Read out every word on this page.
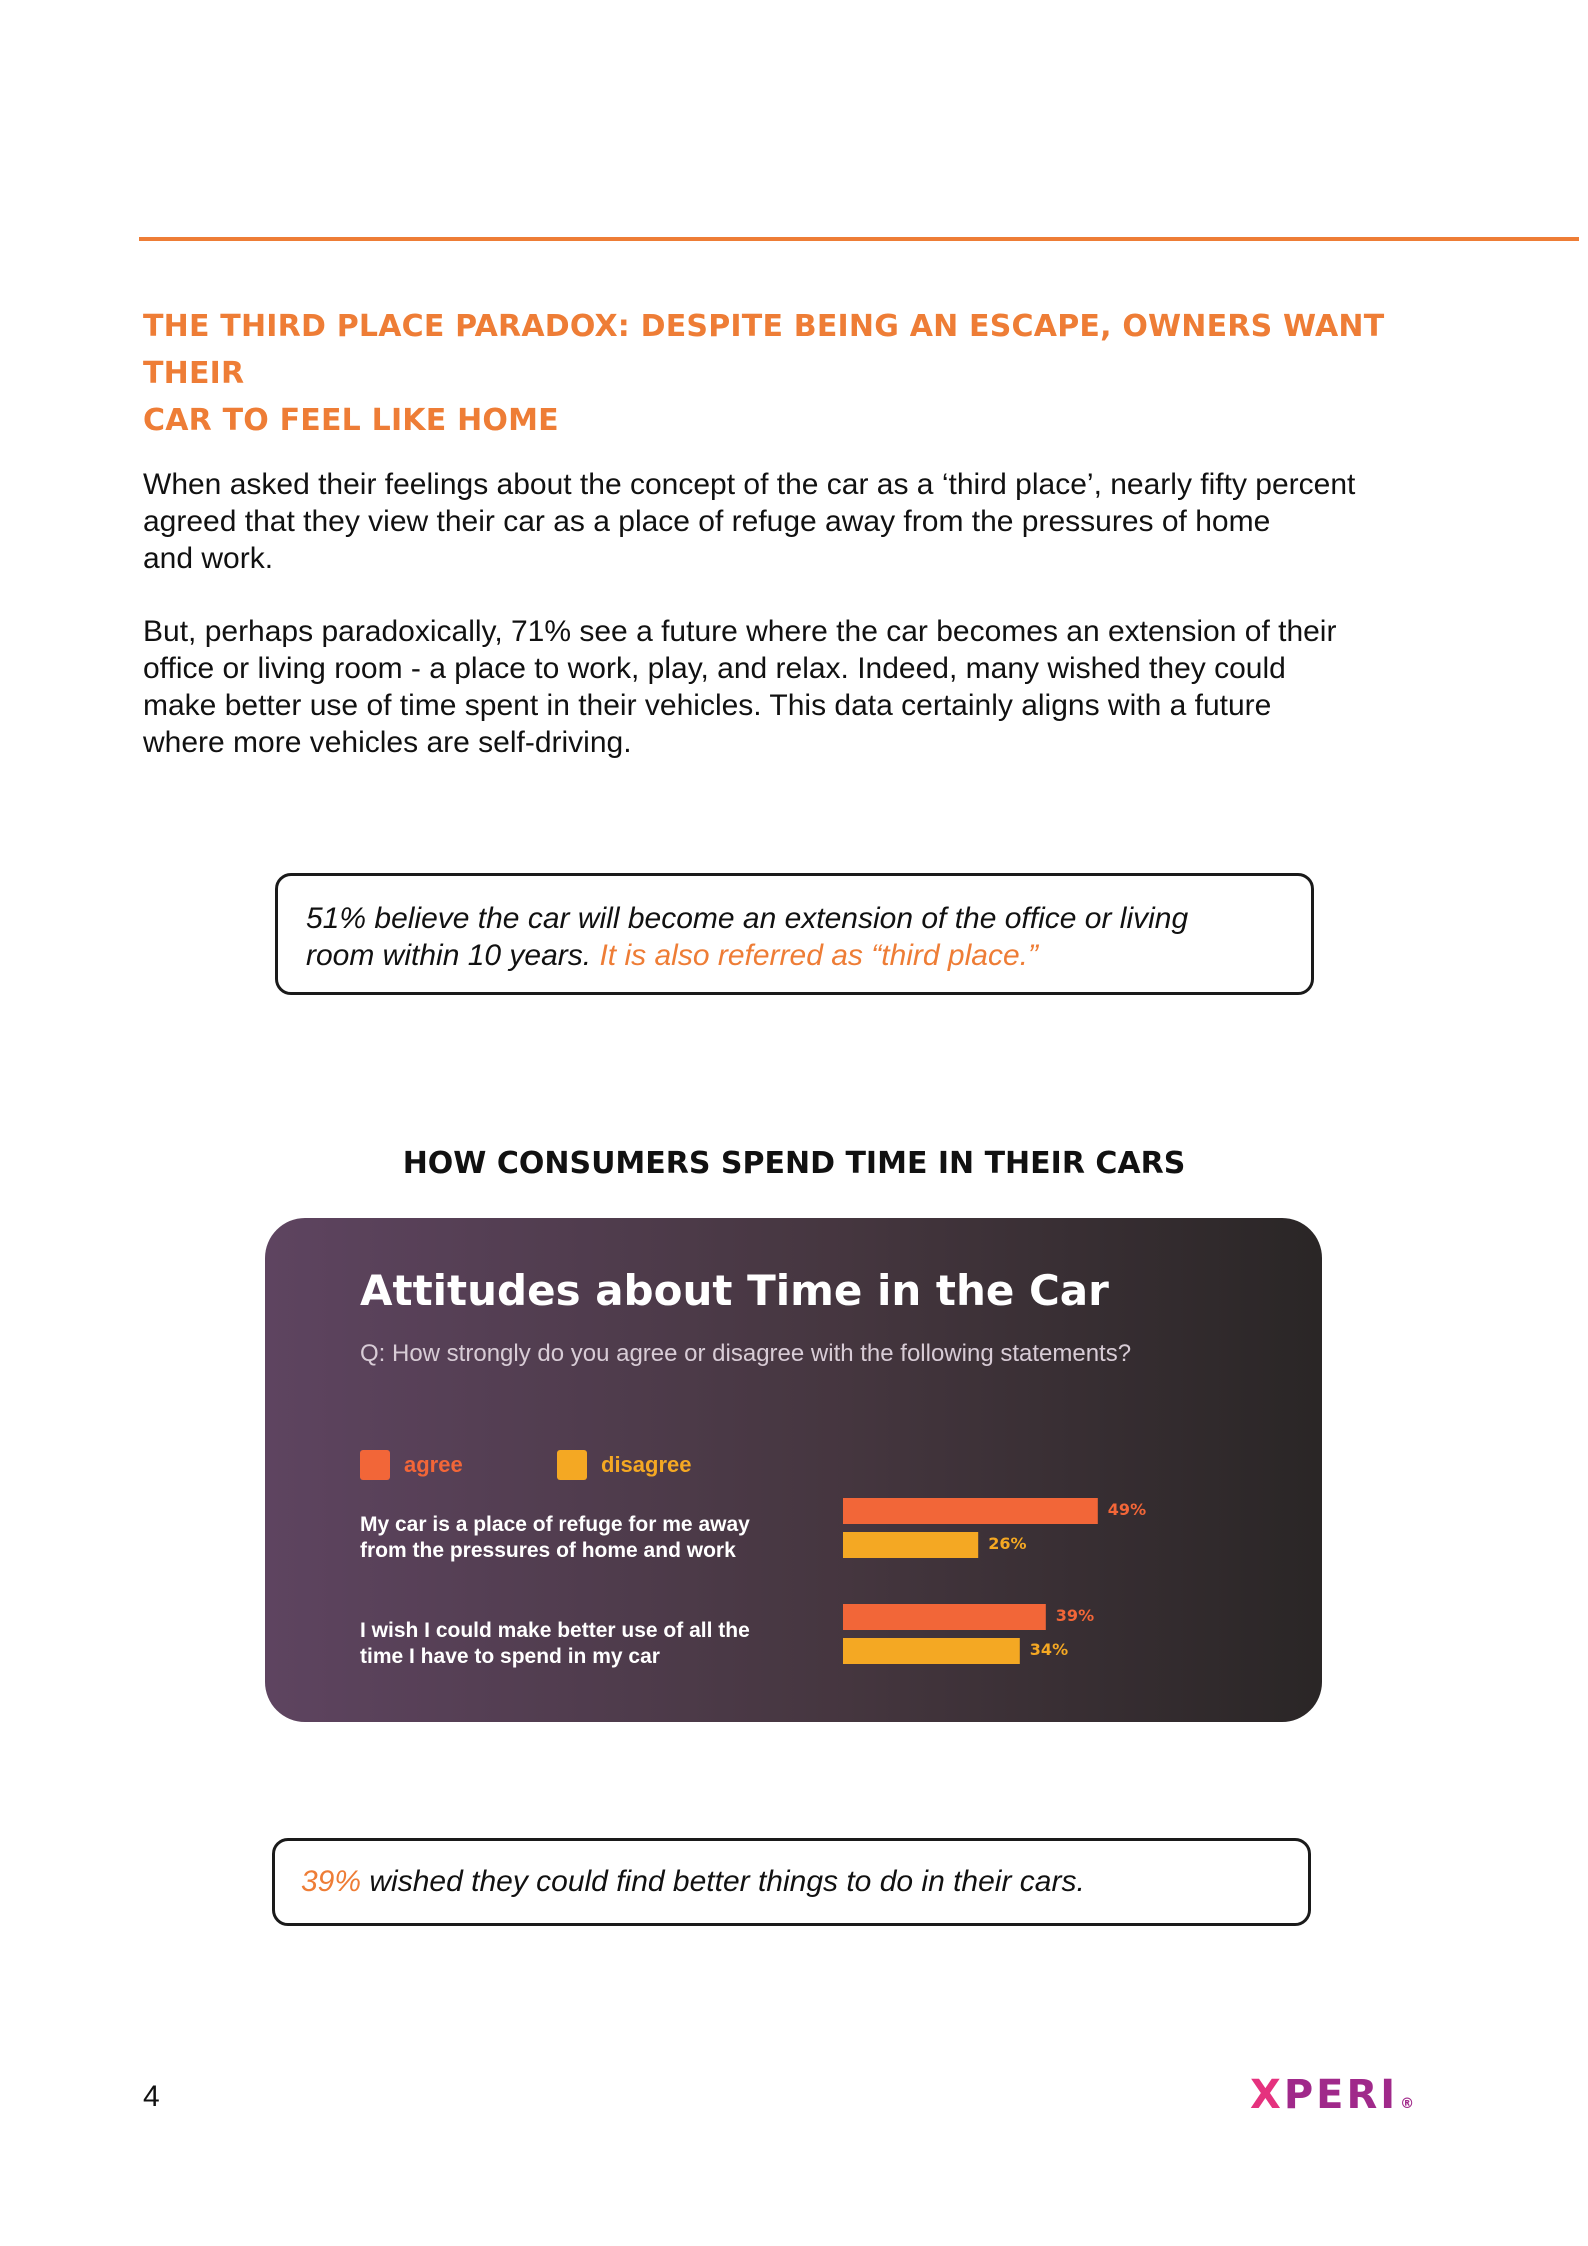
THE THIRD PLACE PARADOX: DESPITE BEING AN ESCAPE, OWNERS WANT THEIR
CAR TO FEEL LIKE HOME
When asked their feelings about the concept of the car as a ‘third place’, nearly fifty percent
agreed that they view their car as a place of refuge away from the pressures of home
and work.
But, perhaps paradoxically, 71% see a future where the car becomes an extension of their
office or living room - a place to work, play, and relax. Indeed, many wished they could
make better use of time spent in their vehicles. This data certainly aligns with a future
where more vehicles are self-driving.
51% believe the car will become an extension of the office or living
room within 10 years. It is also referred as “third place.”
HOW CONSUMERS SPEND TIME IN THEIR CARS
Attitudes about Time in the Car
Q: How strongly do you agree or disagree with the following statements?
agree	disagree
My car is a place of refuge for me away
from the pressures of home and work
I wish I could make better use of all the
time I have to spend in my car
49%
26%
39%
34%
39% wished they could find better things to do in their cars.
4	XPERI ®
